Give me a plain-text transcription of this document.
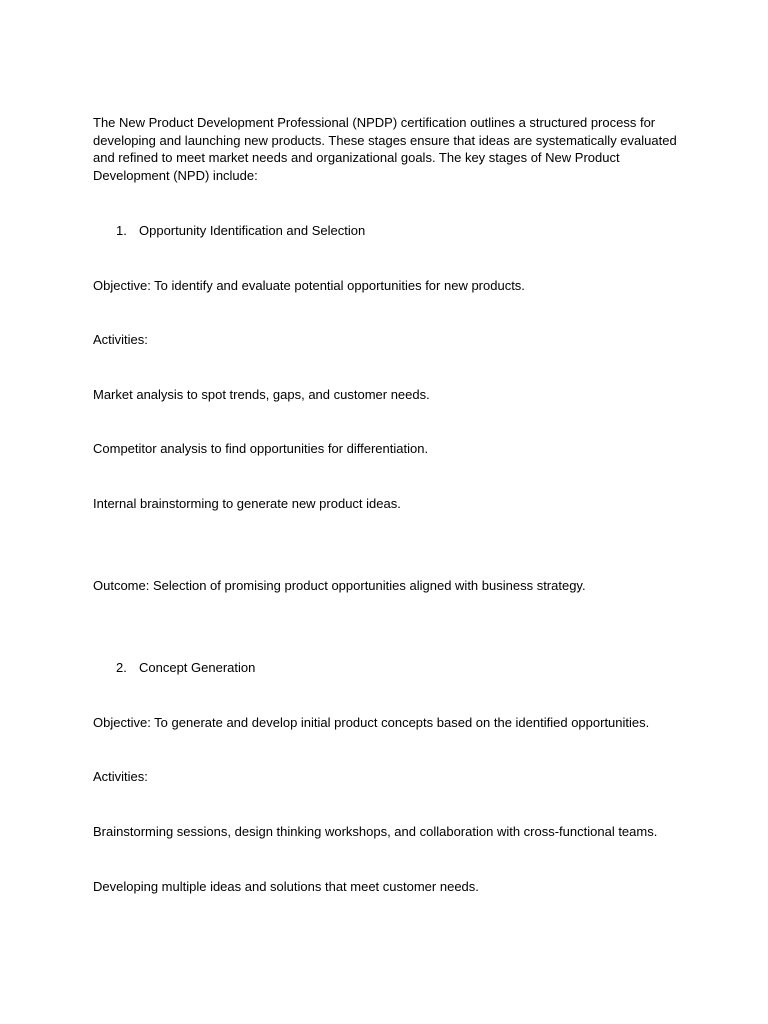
The New Product Development Professional (NPDP) certification outlines a structured process for developing and launching new products. These stages ensure that ideas are systematically evaluated and refined to meet market needs and organizational goals. The key stages of New Product Development (NPD) include:

1. Opportunity Identification and Selection

Objective: To identify and evaluate potential opportunities for new products.

Activities:

Market analysis to spot trends, gaps, and customer needs.

Competitor analysis to find opportunities for differentiation.

Internal brainstorming to generate new product ideas.

Outcome: Selection of promising product opportunities aligned with business strategy.

2. Concept Generation

Objective: To generate and develop initial product concepts based on the identified opportunities.

Activities:

Brainstorming sessions, design thinking workshops, and collaboration with cross-functional teams.

Developing multiple ideas and solutions that meet customer needs.
